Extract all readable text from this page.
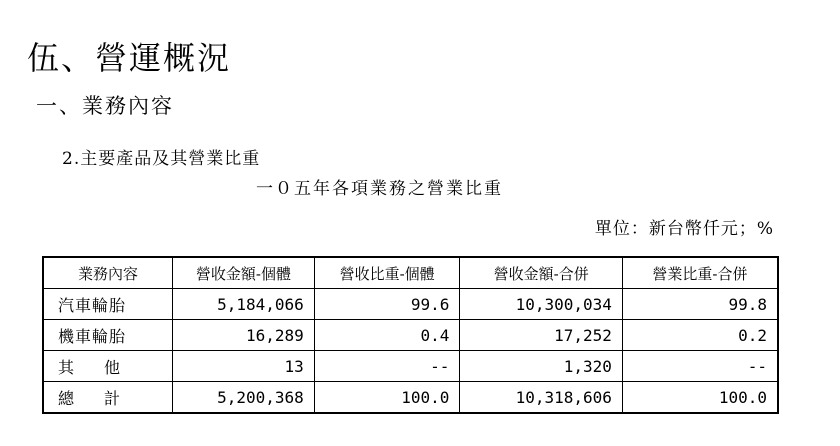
伍、營運概況
一、業務內容
2.主要產品及其營業比重
一０五年各項業務之營業比重
單位：新台幣仟元；%
業務內容	營收金額-個體	營收比重-個體	營收金額-合併	營業比重-合併
汽車輪胎	5,184,066	99.6	10,300,034	99.8
機車輪胎	16,289	0.4	17,252	0.2
其 他	13	--	1,320	--
總 計	5,200,368	100.0	10,318,606	100.0
